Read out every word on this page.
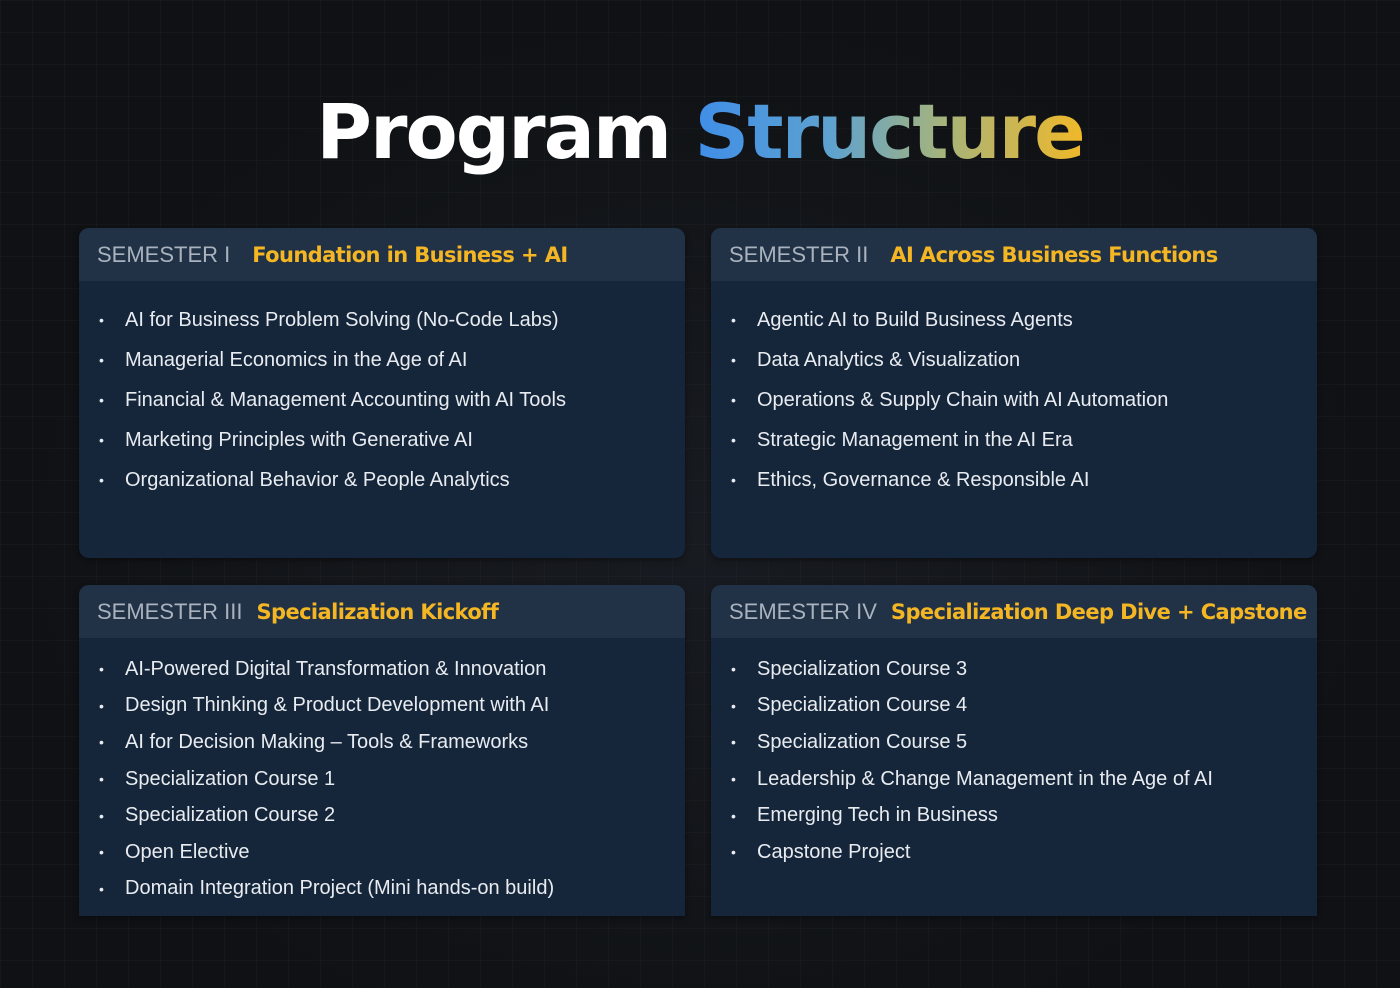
Program Structure
SEMESTER I Foundation in Business + AI
•	AI for Business Problem Solving (No-Code Labs)
•	Managerial Economics in the Age of AI
•	Financial & Management Accounting with AI Tools
•	Marketing Principles with Generative AI
•	Organizational Behavior & People Analytics
SEMESTER II AI Across Business Functions
•	Agentic AI to Build Business Agents
•	Data Analytics & Visualization
•	Operations & Supply Chain with AI Automation
•	Strategic Management in the AI Era
•	Ethics, Governance & Responsible AI
SEMESTER III Specialization Kickoff
•	AI-Powered Digital Transformation & Innovation
•	Design Thinking & Product Development with AI
•	AI for Decision Making – Tools & Frameworks
•	Specialization Course 1
•	Specialization Course 2
•	Open Elective
•	Domain Integration Project (Mini hands-on build)
SEMESTER IV Specialization Deep Dive + Capstone
•	Specialization Course 3
•	Specialization Course 4
•	Specialization Course 5
•	Leadership & Change Management in the Age of AI
•	Emerging Tech in Business
•	Capstone Project
